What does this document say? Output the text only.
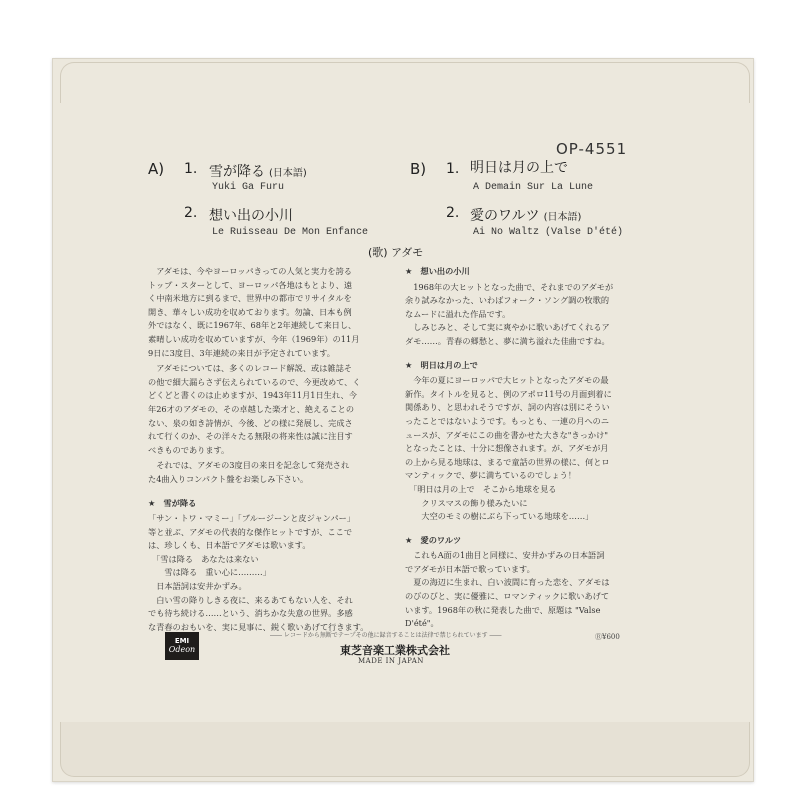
OP-4551
A) 1. 雪が降る (日本語)
Yuki Ga Furu
2. 想い出の小川
Le Ruisseau De Mon Enfance
B) 1. 明日は月の上で
A Demain Sur La Lune
2. 愛のワルツ (日本語)
Ai No Waltz (Valse D'été)
(歌) アダモ

　アダモは、今やヨーロッパきっての人気と実力を誇る
トップ・スターとして、ヨーロッパ各地はもとより、遠
く中南米地方に到るまで、世界中の都市でリサイタルを
開き、華々しい成功を収めております。勿論、日本も例
外ではなく、既に1967年、68年と2年連続して来日し、
素晴しい成功を収めていますが、今年（1969年）の11月
9日に3度目、3年連続の来日が予定されています。

　アダモについては、多くのレコード解説、或は雑誌そ
の他で細大漏らさず伝えられているので、今更改めて、く
どくどと書くのは止めますが、1943年11月1日生れ、今
年26才のアダモの、その卓越した楽才と、絶えることの
ない、泉の如き詩情が、今後、どの様に発展し、完成さ
れて行くのか、その洋々たる無限の将来性は誠に注目す
べきものであります。

　それでは、アダモの3度目の来日を記念して発売され
た4曲入りコンパクト盤をお楽しみ下さい。

★　雪が降る

「サン・トワ・マミー」「ブルージーンと皮ジャンパー」
等と並ぶ、アダモの代表的な傑作ヒットですが、ここで
は、珍しくも、日本語でアダモは歌います。
　「雪は降る　あなたは来ない
　　雪は降る　重い心に………」
　日本語詞は安井かずみ。
　白い雪の降りしきる夜に、来るあてもない人を、それ
でも待ち続ける……という、消ちかな失意の世界。多感
な青春のおもいを、実に見事に、鋭く歌いあげて行きます。

★　想い出の小川

　1968年の大ヒットとなった曲で、それまでのアダモが
余り試みなかった、いわばフォーク・ソング調の牧歌的
なムードに溢れた作品です。
　しみじみと、そして実に爽やかに歌いあげてくれるア
ダモ……。青春の郷愁と、夢に満ち溢れた佳曲ですね。

★　明日は月の上で

　今年の夏にヨーロッパで大ヒットとなったアダモの最
新作。タイトルを見ると、例のアポロ11号の月面到着に
関係あり、と思われそうですが、詞の内容は別にそうい
ったことではないようです。もっとも、一連の月へのニ
ュースが、アダモにこの曲を書かせた大きな"きっかけ"
となったことは、十分に想像されます。が、アダモが月
の上から見る地球は、まるで童話の世界の様に、何とロ
マンティックで、夢に満ちているのでしょう！
　「明日は月の上で　そこから地球を見る
　　クリスマスの飾り様みたいに
　　大空のモミの樹にぶら下っている地球を……」

★　愛のワルツ

　これもA面の1曲目と同様に、安井かずみの日本語詞
でアダモが日本語で歌っています。
　夏の海辺に生まれ、白い波間に育った恋を、アダモは
のびのびと、実に優雅に、ロマンティックに歌いあげて
います。1968年の秋に発表した曲で、原題は "Valse
D'été"。

EMI
Odeon
―― レコードから無断でテープその他に録音することは法律で禁じられています ――	Ⓡ¥600
東芝音楽工業株式会社
MADE IN JAPAN
